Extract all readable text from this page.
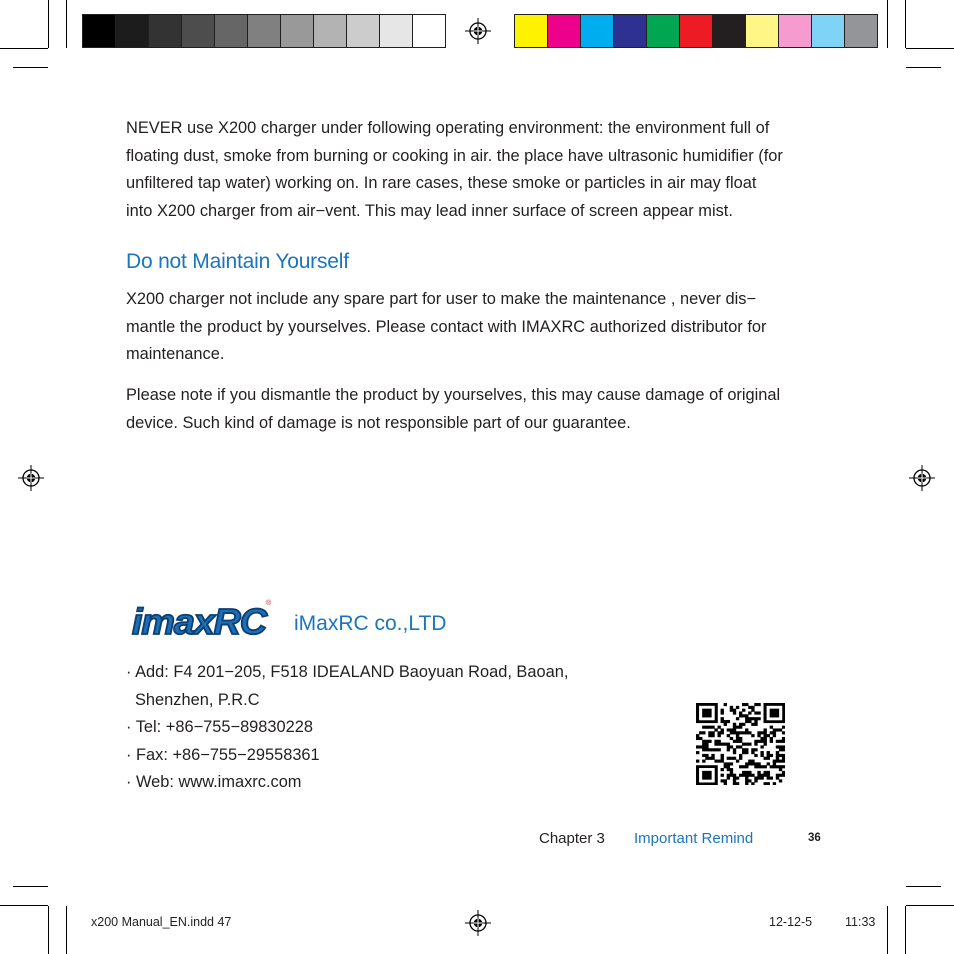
NEVER use X200 charger under following operating environment: the environment full of
floating dust, smoke from burning or cooking in air. the place have ultrasonic humidifier (for
unfiltered tap water) working on. In rare cases, these smoke or particles in air may float
into X200 charger from air−vent. This may lead inner surface of screen appear mist.
Do not Maintain Yourself
X200 charger not include any spare part for user to make the maintenance , never dis−
mantle the product by yourselves. Please contact with IMAXRC authorized distributor for
maintenance.
Please note if you dismantle the product by yourselves, this may cause damage of original
device. Such kind of damage is not responsible part of our guarantee.
imaxRC
®
iMaxRC co.,LTD
· Add: F4 201−205, F518 IDEALAND Baoyuan Road, Baoan,
Shenzhen, P.R.C
· Tel: +86−755−89830228
· Fax: +86−755−29558361
· Web: www.imaxrc.com
Chapter 3 Important Remind	36
x200 Manual_EN.indd 47	12-12-5	11:33
